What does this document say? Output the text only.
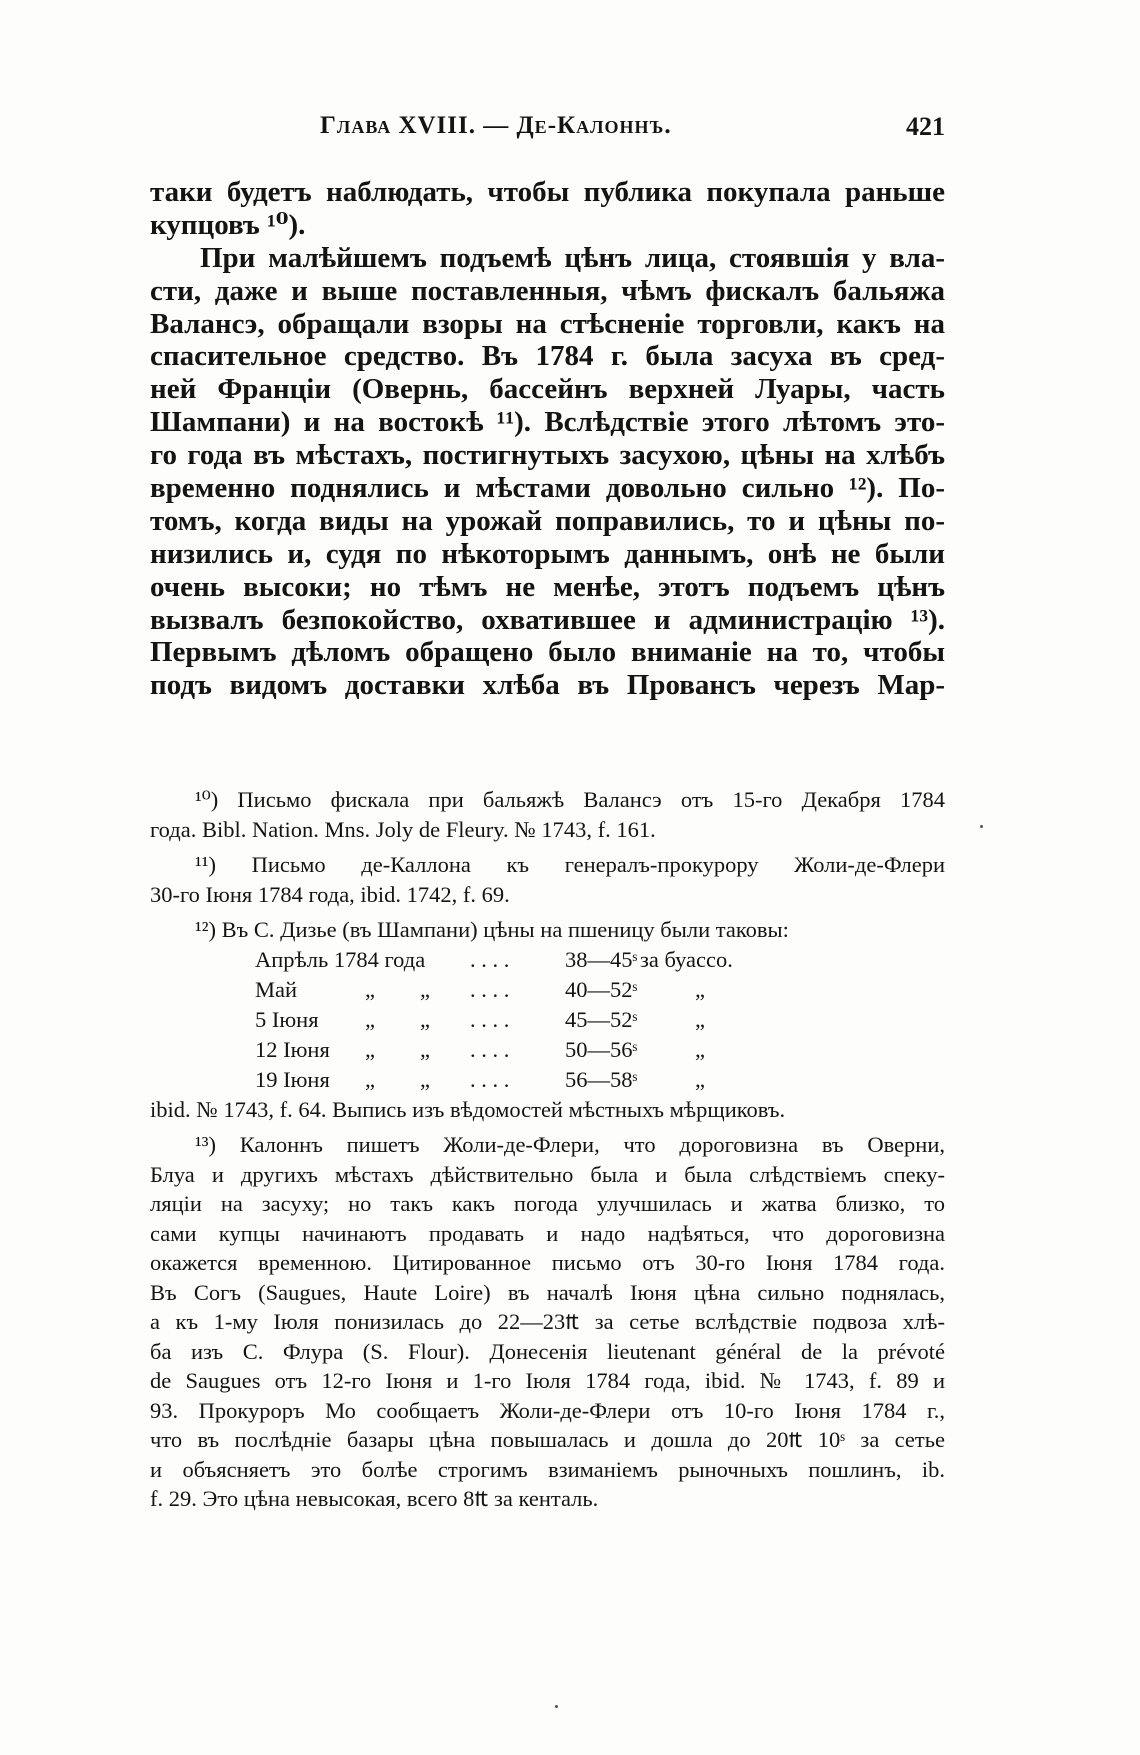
Глава XVIII. — Де-Калоннъ.	421
таки будетъ наблюдать, чтобы публика покупала раньше
купцовъ ¹⁰).
При малѣйшемъ подъемѣ цѣнъ лица, стоявшія у вла-
сти, даже и выше поставленныя, чѣмъ фискалъ бальяжа
Валансэ, обращали взоры на стѣсненіе торговли, какъ на
спасительное средство. Въ 1784 г. была засуха въ сред-
ней Франціи (Овернь, бассейнъ верхней Луары, часть
Шампани) и на востокѣ ¹¹). Вслѣдствіе этого лѣтомъ это-
го года въ мѣстахъ, постигнутыхъ засухою, цѣны на хлѣбъ
временно поднялись и мѣстами довольно сильно ¹²). По-
томъ, когда виды на урожай поправились, то и цѣны по-
низились и, судя по нѣкоторымъ даннымъ, онѣ не были
очень высоки; но тѣмъ не менѣе, этотъ подъемъ цѣнъ
вызвалъ безпокойство, охватившее и администрацію ¹³).
Первымъ дѣломъ обращено было вниманіе на то, чтобы
подъ видомъ доставки хлѣба въ Провансъ черезъ Мар-
¹⁰) Письмо фискала при бальяжѣ Валансэ отъ 15-го Декабря 1784
года. Bibl. Nation. Mns. Joly de Fleury. № 1743, f. 161.
¹¹) Письмо де-Каллона къ генералъ-прокурору Жоли-де-Флери
30-го Іюня 1784 года, ibid. 1742, f. 69.
¹²) Въ С. Дизье (въ Шампани) цѣны на пшеницу были таковы:
Апрѣль 1784 года			. . . .	38—45ˢ	за буассо.
Май	„	„	. . . .	40—52ˢ	„
5 Іюня	„	„	. . . .	45—52ˢ	„
12 Іюня	„	„	. . . .	50—56ˢ	„
19 Іюня	„	„	. . . .	56—58ˢ	„
ibid. № 1743, f. 64. Выпись изъ вѣдомостей мѣстныхъ мѣрщиковъ.
¹³) Калоннъ пишетъ Жоли-де-Флери, что дороговизна въ Оверни,
Блуа и другихъ мѣстахъ дѣйствительно была и была слѣдствіемъ спеку-
ляціи на засуху; но такъ какъ погода улучшилась и жатва близко, то
сами купцы начинаютъ продавать и надо надѣяться, что дороговизна
окажется временною. Цитированное письмо отъ 30-го Іюня 1784 года.
Въ Согъ (Saugues, Haute Loire) въ началѣ Іюня цѣна сильно поднялась,
а къ 1-му Іюля понизилась до 22—23₶ за сетье вслѣдствіе подвоза хлѣ-
ба изъ С. Флура (S. Flour). Донесенія lieutenant général de la prévoté
de Saugues отъ 12-го Іюня и 1-го Іюля 1784 года, ibid. № 1743, f. 89 и
93. Прокуроръ Мо сообщаетъ Жоли-де-Флери отъ 10-го Іюня 1784 г.,
что въ послѣдніе базары цѣна повышалась и дошла до 20₶ 10ˢ за сетье
и объясняетъ это болѣе строгимъ взиманіемъ рыночныхъ пошлинъ, ib.
f. 29. Это цѣна невысокая, всего 8₶ за кенталь.
